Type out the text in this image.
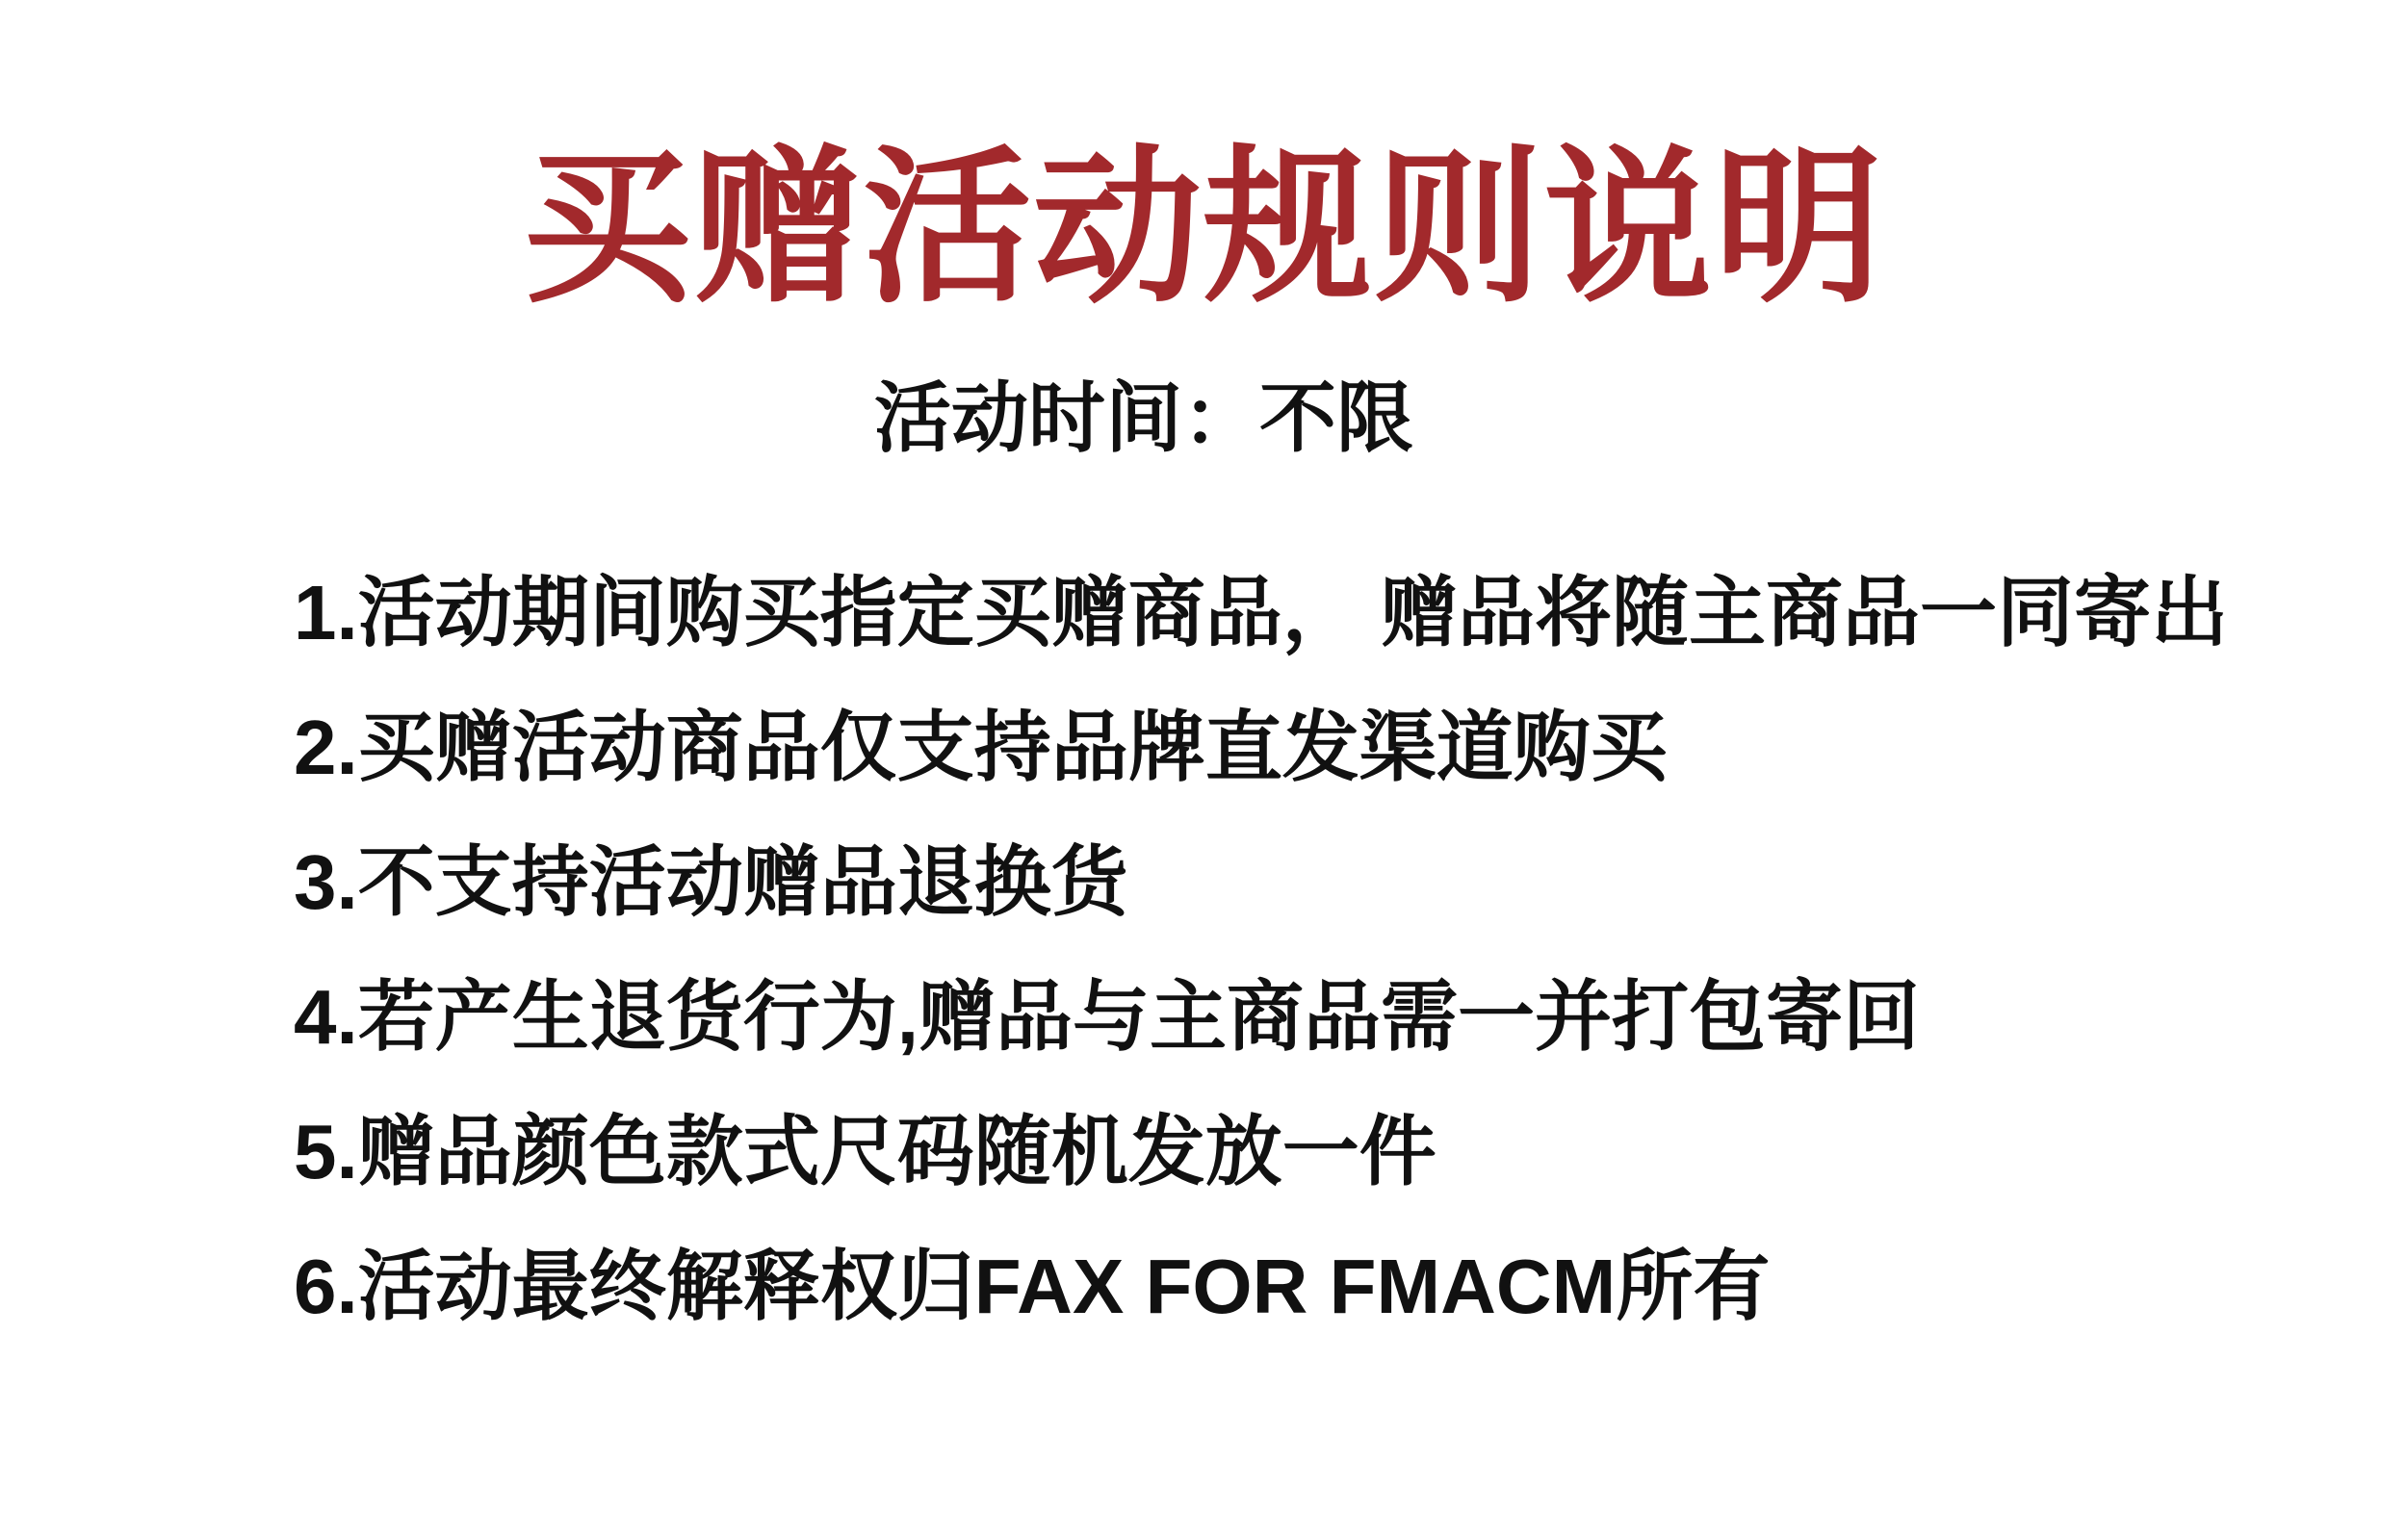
买赠活动规则说明
活动时间：不限

1.活动期间购买指定买赠商品， 赠品将随主商品一同寄出

2.买赠活动商品仅支持品牌直发渠道购买

3.不支持活动赠品退换货

4.若产生退货行为,赠品与主商品需一并打包寄回

5.赠品颜色款式尺码随机发放一件

6.活动最终解释权归FAX FOR FMACM所有
